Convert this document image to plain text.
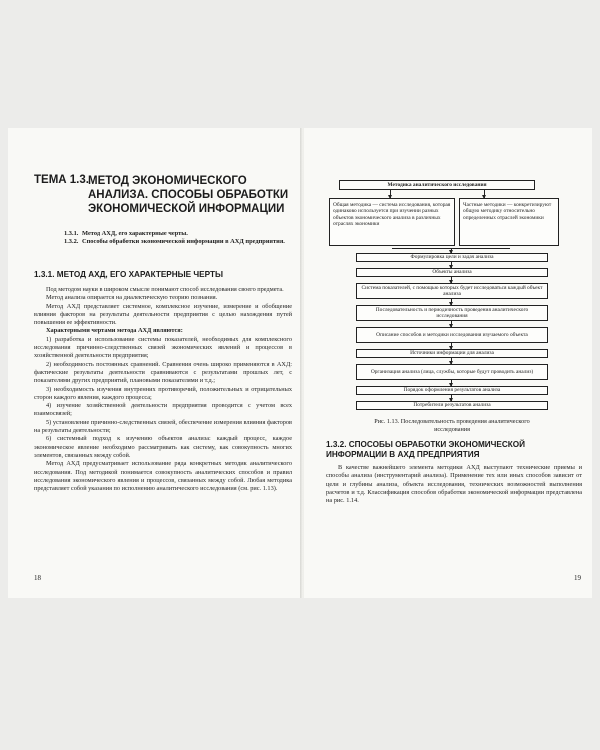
ТЕМА 1.3. МЕТОД ЭКОНОМИЧЕСКОГО АНАЛИЗА. СПОСОБЫ ОБРАБОТКИ ЭКОНОМИЧЕСКОЙ ИНФОРМАЦИИ
1.3.1. Метод АХД, его характерные черты.
1.3.2. Способы обработки экономической информации в АХД предприятия.
1.3.1. МЕТОД АХД, ЕГО ХАРАКТЕРНЫЕ ЧЕРТЫ

Под методом науки в широком смысле понимают способ исследования своего предмета.

Метод анализа опирается на диалектическую теорию познания.

Метод АХД представляет системное, комплексное изучение, измерение и обобщение влияния факторов на результаты деятельности предприятия с целью нахождения путей повышения ее эффективности.

Характерными чертами метода АХД являются:

1) разработка и использование системы показателей, необходимых для комплексного исследования причинно-следственных связей экономических явлений и процессов в хозяйственной деятельности предприятия;

2) необходимость постоянных сравнений. Сравнения очень широко применяются в АХД: фактические результаты деятельности сравниваются с результатами прошлых лет, с показателями других предприятий, плановыми показателями и т.д.;

3) необходимость изучения внутренних противоречий, положительных и отрицательных сторон каждого явления, каждого процесса;

4) изучение хозяйственной деятельности предприятия проводится с учетом всех взаимосвязей;

5) установление причинно-следственных связей, обеспечение измерения влияния факторов на результаты деятельности;

6) системный подход к изучению объектов анализа: каждый процесс, каждое экономическое явление необходимо рассматривать как систему, как совокупность многих элементов, связанных между собой.

Метод АХД предусматривает использование ряда конкретных методик аналитического исследования. Под методикой понимается совокупность аналитических способов и правил исследования экономического явления и процессов, связанных между собой. Любая методика представляет собой указания по исполнению аналитического исследования (см. рис. 1.13).

18
Методика аналитического исследования
Общая методика — система исследования, которая одинаково используется при изучении разных объектов экономического анализа в различных отраслях экономики
Частные методики — конкретизируют общую методику относительно определенных отраслей экономики
Формулировка цели и задач анализа
Объекты анализа
Система показателей, с помощью которых будет исследоваться каждый объект анализа
Последовательность и периодичность проведения аналитического исследования
Описание способов и методики исследования изучаемого объекта
Источники информации для анализа
Организация анализа (лица, службы, которые будут проводить анализ)
Порядок оформления результатов анализа
Потребители результатов анализа
Рис. 1.13. Последовательность проведения аналитического исследования
1.3.2. СПОСОБЫ ОБРАБОТКИ ЭКОНОМИЧЕСКОЙ ИНФОРМАЦИИ В АХД ПРЕДПРИЯТИЯ

В качестве важнейшего элемента методики АХД выступают технические приемы и способы анализа (инструментарий анализа). Применение тех или иных способов зависит от цели и глубины анализа, объекта исследования, технических возможностей выполнения расчетов и т.д. Классификация способов обработки экономической информации представлена на рис. 1.14.

19
